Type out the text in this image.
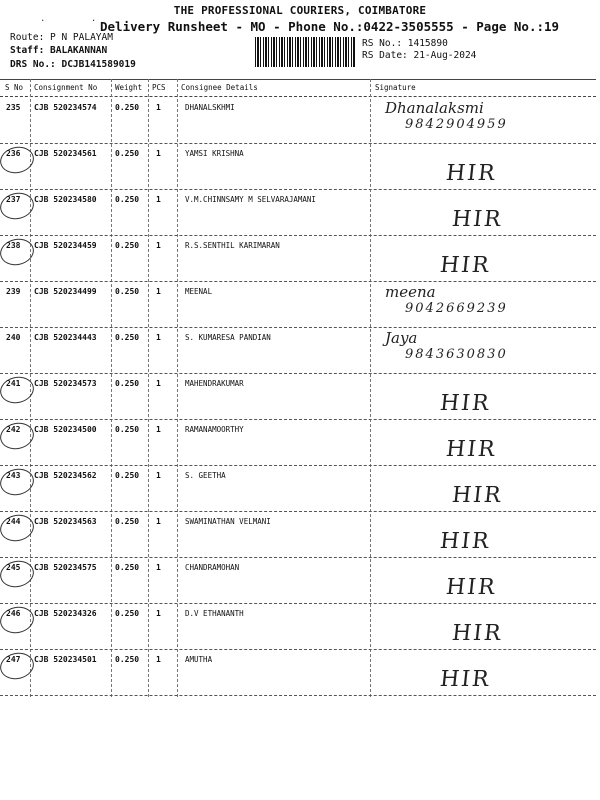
THE PROFESSIONAL COURIERS, COIMBATORE
. .
Delivery Runsheet - MO - Phone No.:0422-3505555 - Page No.:19
Route: P N PALAYAM
Staff: BALAKANNAN
DRS No.: DCJB141589019
RS No.: 1415890
RS Date: 21-Aug-2024
S No Consignment No Weight PCS Consignee Details	Signature
235 CJB 520234574 0.250 1	DHANALSKHMI	Dhanalaksmi
9842904959
236 CJB 520234561 0.250 1	YAMSI KRISHNA
HIR
237 CJB 520234580 0.250 1	V.M.CHINNSAMY M SELVARAJAMANI
HIR
238 CJB 520234459 0.250 1	R.S.SENTHIL KARIMARAN
HIR
239 CJB 520234499 0.250 1	MEENAL	meena
9042669239
240 CJB 520234443 0.250 1	S. KUMARESA PANDIAN	Jaya
9843630830
241 CJB 520234573 0.250 1	MAHENDRAKUMAR
HIR
242 CJB 520234500 0.250 1	RAMANAMOORTHY
HIR
243 CJB 520234562 0.250 1	S. GEETHA
HIR
244 CJB 520234563 0.250 1	SWAMINATHAN VELMANI
HIR
245 CJB 520234575 0.250 1	CHANDRAMOHAN
HIR
246 CJB 520234326 0.250 1	D.V ETHANANTH
HIR
247 CJB 520234501 0.250 1	AMUTHA
HIR
